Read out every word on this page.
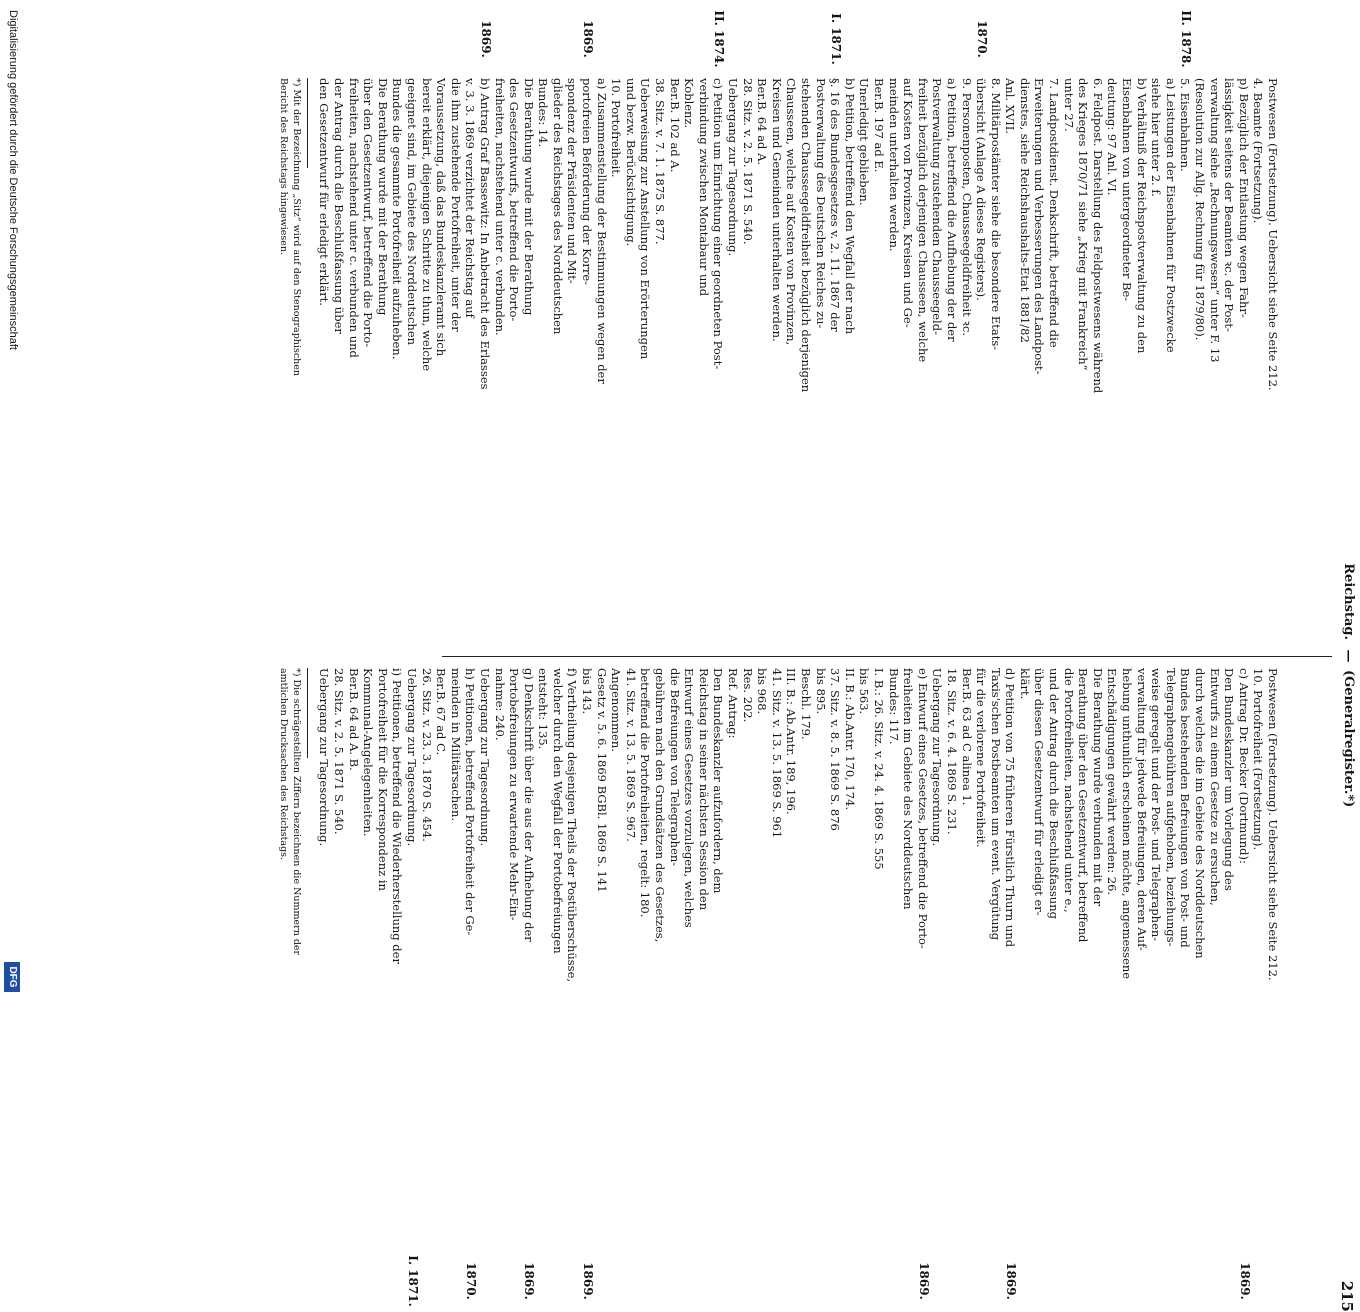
Reichstag.
—
(Generalregister.*)
215
II. 1878.
1870.
I. 1871.
II. 1874.
1869.
1869.

Postwesen (Fortsetzung). Uebersicht siehe Seite 212.

4. Beamte (Fortsetzung).

p) Bezüglich der Entlastung wegen Fahr-

lässigkeit seitens der Beamten ꝛc. der Post-

verwaltung siehe „Rechnungswesen“ unter F. 13

(Resolution zur Allg. Rechnung für 1879/80).

5. Eisenbahnen.

a) Leistungen der Eisenbahnen für Postzwecke

siehe hier unter 2. f.

b) Verhältniß der Reichspostverwaltung zu den

Eisenbahnen von untergeordneter Be-

deutung: 97 Anl. VI.

6. Feldpost. Darstellung des Feldpostwesens während

des Krieges 1870/71 siehe „Krieg mit Frankreich“

unter 27.

7. Landpostdienst. Denkschrift, betreffend die

Erweiterungen und Verbesserungen des Landpost-

dienstes, siehe Reichshaushalts-Etat 1881/82

Anl. XVII.

8. Militärpostämter siehe die besondere Etats-

übersicht (Anlage A dieses Registers).

9. Personenposten, Chausseegeldfreiheit ꝛc.

a) Petition, betreffend die Aufhebung der der

Postverwaltung zustehenden Chausseegeld-

freiheit bezüglich derjenigen Chausseen, welche

auf Kosten von Provinzen, Kreisen und Ge-

meinden unterhalten werden.

Ber.B. 197 ad E.

Unerledigt geblieben.

b) Petition, betreffend den Wegfall der nach

§. 16 des Bundesgesetzes v. 2. 11. 1867 der

Postverwaltung des Deutschen Reiches zu-

stehenden Chausseegeldfreiheit bezüglich derjenigen

Chausseen, welche auf Kosten von Provinzen,

Kreisen und Gemeinden unterhalten werden.

Ber.B. 64 ad A.

28. Sitz. v. 2. 5. 1871 S. 540.

Uebergang zur Tagesordnung.

c) Petition um Einrichtung einer geordneten Post-

verbindung zwischen Montabaur und

Koblenz.

Ber.B. 102 ad A.

38. Sitz. v. 7. 1. 1875 S. 877.

Ueberweisung zur Anstellung von Erörterungen

und bezw. Berücksichtigung.

10. Portofreiheit.

a) Zusammenstellung der Bestimmungen wegen der

portofreien Beförderung der Korre-

spondenz der Präsidenten und Mit-

glieder des Reichstages des Norddeutschen

Bundes: 14.

Die Berathung wurde mit der Berathung

des Gesetzentwurfs, betreffend die Porto-

freiheiten, nachstehend unter c. verbunden.

b) Antrag Graf Bassewitz: In Anbetracht des Erlasses

v. 3. 3. 1869 verzichtet der Reichstag auf

die ihm zustehende Portofreiheit, unter der

Voraussetzung, daß das Bundeskanzleramt sich

bereit erklärt, diejenigen Schritte zu thun, welche

geeignet sind, im Gebiete des Norddeutschen

Bundes die gesammte Portofreiheit aufzuheben.

Die Berathung wurde mit der Berathung

über den Gesetzentwurf, betreffend die Porto-

freiheiten, nachstehend unter c. verbunden und

der Antrag durch die Beschlußfassung über

den Gesetzentwurf für erledigt erklärt.

Postwesen (Fortsetzung). Uebersicht siehe Seite 212.

10. Portofreiheit (Fortsetzung).

c) Antrag Dr. Becker (Dortmund):

Den Bundeskanzler um Vorlegung des

Entwurfs zu einem Gesetze zu ersuchen,

durch welches die im Gebiete des Norddeutschen

Bundes bestehenden Befreiungen von Post- und

Telegraphengebühren aufgehoben, beziehungs-

weise geregelt und der Post- und Telegraphen-

verwaltung für jedwede Befreiungen, deren Auf-

hebung unthunlich erscheinen möchte, angemessene

Entschädigungen gewährt werden: 26.

Die Berathung wurde verbunden mit der

Berathung über den Gesetzentwurf, betreffend

die Portofreiheiten, nachstehend unter e.,

und der Antrag durch die Beschlußfassung

über diesen Gesetzentwurf für erledigt er-

klärt.

d) Petition von 75 früheren Fürstlich Thurn und

Taxis'schen Postbeamten um event. Vergütung

für die verlorene Portofreiheit.

Ber.B. 63 ad C alinea 1.

18. Sitz. v. 6. 4. 1869 S. 231.

Uebergang zur Tagesordnung.

e) Entwurf eines Gesetzes, betreffend die Porto-

freiheiten im Gebiete des Norddeutschen

Bundes: 117.

I. B.: 26. Sitz. v. 24. 4. 1869 S. 555

bis 563.

II. B.: Ab.Antr. 170, 174.

37. Sitz. v. 8. 5. 1869 S. 876

bis 895.

Beschl. 179.

III. B.: Ab.Antr. 189, 196.

41. Sitz. v. 13. 5. 1869 S. 961

bis 968.

Res. 202.

Ref. Antrag:

Den Bundeskanzler aufzufordern, dem

Reichstag in seiner nächsten Session den

Entwurf eines Gesetzes vorzulegen, welches

die Befreiungen von Telegraphen-

gebühren nach den Grundsätzen des Gesetzes,

betreffend die Portofreiheiten, regelt: 180.

41. Sitz. v. 13. 5. 1869 S. 967.

Angenommen.

Gesetz v. 5. 6. 1869 BGBl. 1869 S. 141

bis 143.

f) Vertheilung desjenigen Theils der Postüberschüsse,

welcher durch den Wegfall der Portobefreiungen

entsteht: 135.

g) Denkschrift über die aus der Aufhebung der

Portobefreiungen zu erwartende Mehr-Ein-

nahme: 240.

Uebergang zur Tagesordnung.

h) Petitionen, betreffend Portofreiheit der Ge-

meinden in Militärsachen.

Ber.B. 67 ad C.

26. Sitz. v. 23. 3. 1870 S. 454.

Uebergang zur Tagesordnung.

i) Petitionen, betreffend die Wiederherstellung der

Portofreiheit für die Korrespondenz in

Kommunal-Angelegenheiten.

Ber.B. 64 ad A. B.

28. Sitz. v. 2. 5. 1871 S. 540.

Uebergang zur Tagesordnung.

1869.
1869.
1869.
1869.
1869.
1870.
I. 1871.
*) Mit der Bezeichnung „Sitz“ wird auf den Stenographischen
Bericht des Reichstags hingewiesen.
*) Die schrägestellten Ziffern bezeichnen die Nummern der
amtlichen Drucksachen des Reichstags.
Digitalisierung gefördert durch die Deutsche Forschungsgemeinschaft
DFG
